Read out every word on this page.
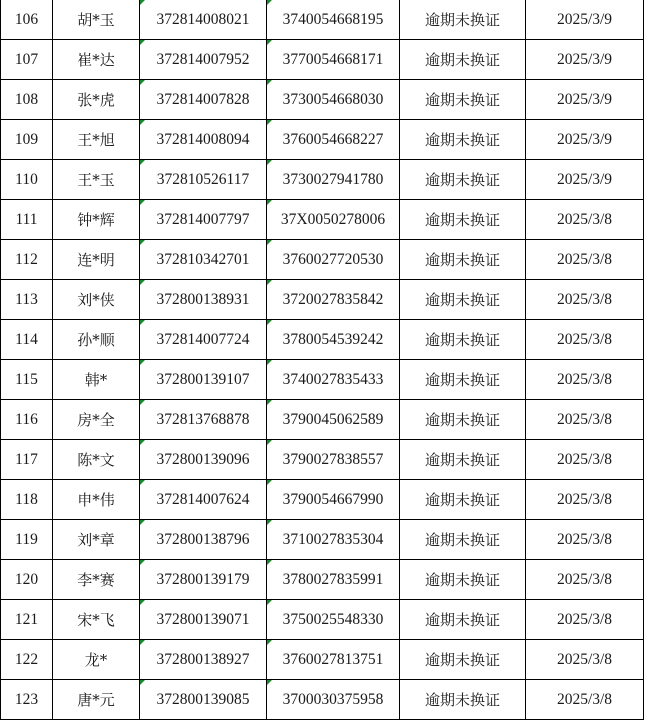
106	胡*玉	372814008021	3740054668195	逾期未换证	2025/3/9
107	崔*达	372814007952	3770054668171	逾期未换证	2025/3/9
108	张*虎	372814007828	3730054668030	逾期未换证	2025/3/9
109	王*旭	372814008094	3760054668227	逾期未换证	2025/3/9
110	王*玉	372810526117	3730027941780	逾期未换证	2025/3/9
111	钟*辉	372814007797	37X0050278006	逾期未换证	2025/3/8
112	连*明	372810342701	3760027720530	逾期未换证	2025/3/8
113	刘*侠	372800138931	3720027835842	逾期未换证	2025/3/8
114	孙*顺	372814007724	3780054539242	逾期未换证	2025/3/8
115	韩*	372800139107	3740027835433	逾期未换证	2025/3/8
116	房*全	372813768878	3790045062589	逾期未换证	2025/3/8
117	陈*文	372800139096	3790027838557	逾期未换证	2025/3/8
118	申*伟	372814007624	3790054667990	逾期未换证	2025/3/8
119	刘*章	372800138796	3710027835304	逾期未换证	2025/3/8
120	李*赛	372800139179	3780027835991	逾期未换证	2025/3/8
121	宋*飞	372800139071	3750025548330	逾期未换证	2025/3/8
122	龙*	372800138927	3760027813751	逾期未换证	2025/3/8
123	唐*元	372800139085	3700030375958	逾期未换证	2025/3/8
